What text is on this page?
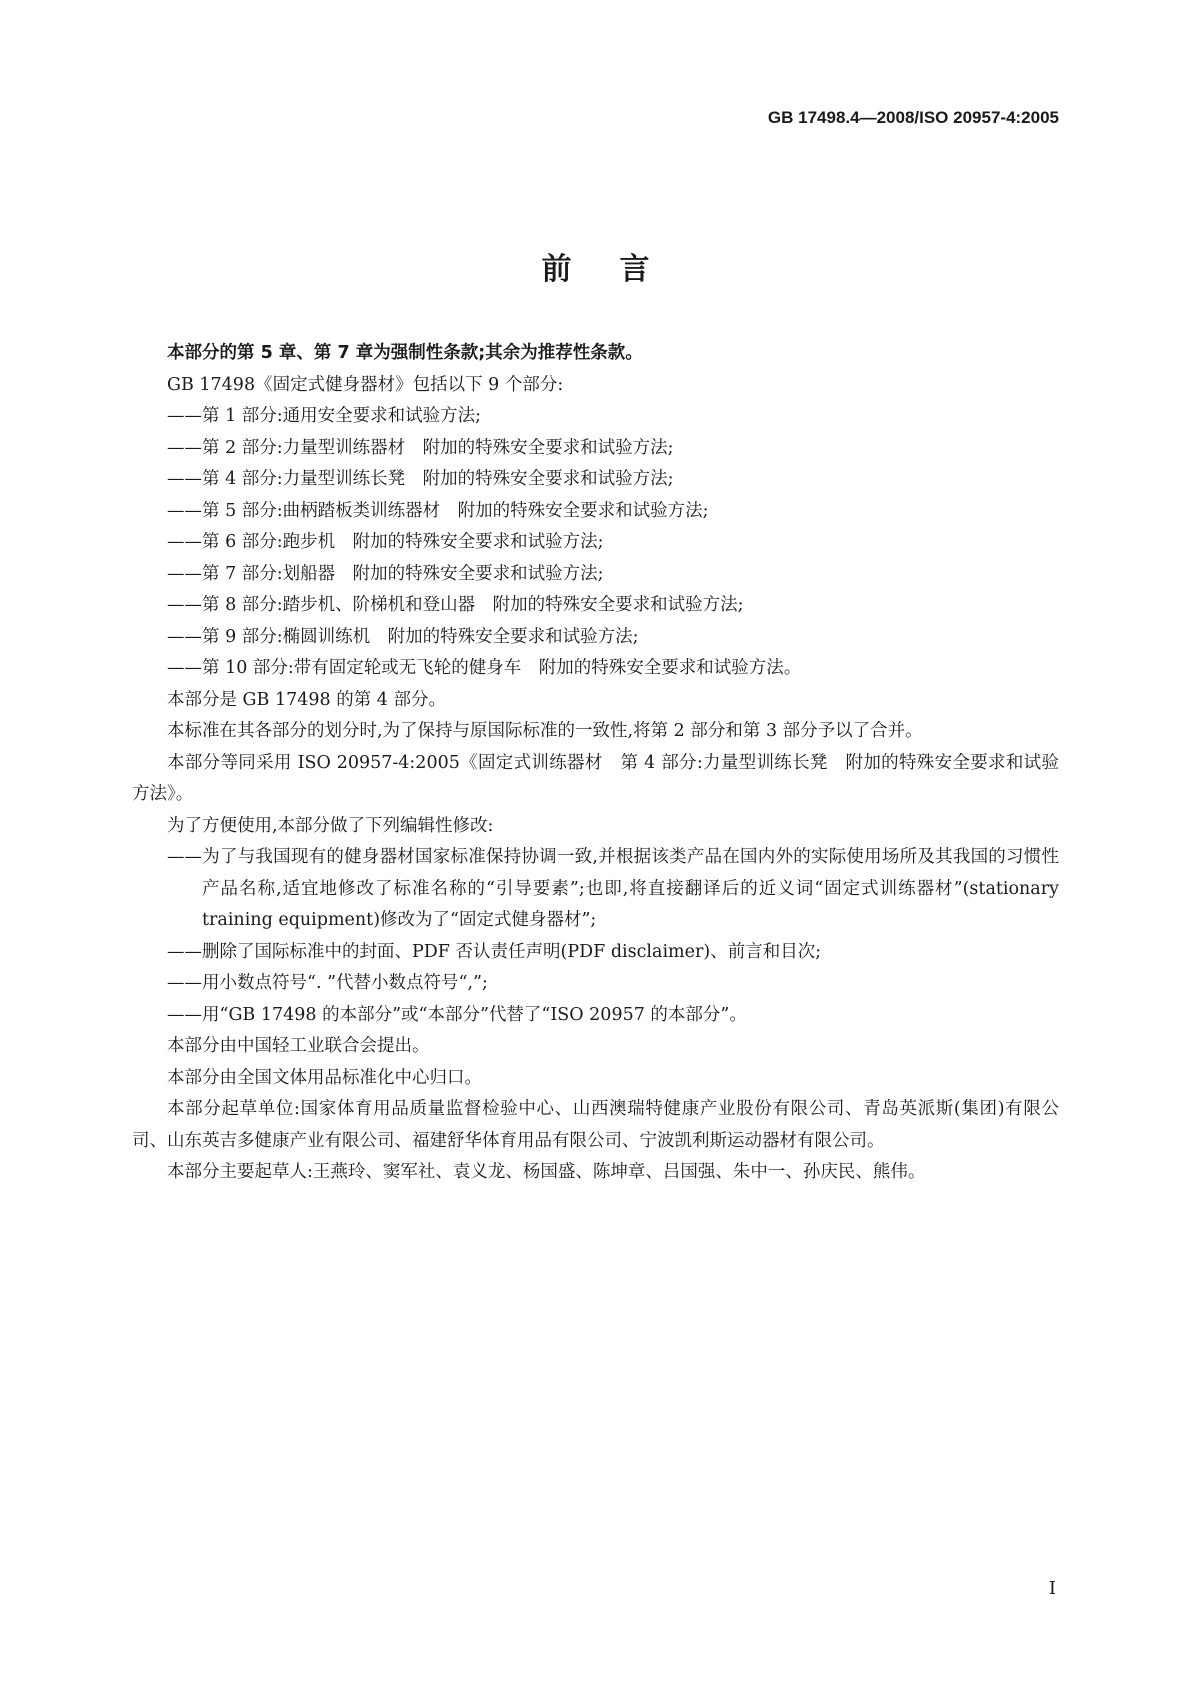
GB 17498.4—2008/ISO 20957-4:2005
前言

本部分的第 5 章、第 7 章为强制性条款;其余为推荐性条款。

GB 17498《固定式健身器材》包括以下 9 个部分:

——第 1 部分:通用安全要求和试验方法;

——第 2 部分:力量型训练器材　附加的特殊安全要求和试验方法;

——第 4 部分:力量型训练长凳　附加的特殊安全要求和试验方法;

——第 5 部分:曲柄踏板类训练器材　附加的特殊安全要求和试验方法;

——第 6 部分:跑步机　附加的特殊安全要求和试验方法;

——第 7 部分:划船器　附加的特殊安全要求和试验方法;

——第 8 部分:踏步机、阶梯机和登山器　附加的特殊安全要求和试验方法;

——第 9 部分:椭圆训练机　附加的特殊安全要求和试验方法;

——第 10 部分:带有固定轮或无飞轮的健身车　附加的特殊安全要求和试验方法。

本部分是 GB 17498 的第 4 部分。

本标准在其各部分的划分时,为了保持与原国际标准的一致性,将第 2 部分和第 3 部分予以了合并。

本部分等同采用 ISO 20957-4:2005《固定式训练器材　第 4 部分:力量型训练长凳　附加的特殊安全要求和试验方法》。

为了方便使用,本部分做了下列编辑性修改:

——为了与我国现有的健身器材国家标准保持协调一致,并根据该类产品在国内外的实际使用场所及其我国的习惯性产品名称,适宜地修改了标准名称的“引导要素”;也即,将直接翻译后的近义词“固定式训练器材”(stationary training equipment)修改为了“固定式健身器材”;

——删除了国际标准中的封面、PDF 否认责任声明(PDF disclaimer)、前言和目次;

——用小数点符号“. ”代替小数点符号“,”;

——用“GB 17498 的本部分”或“本部分”代替了“ISO 20957 的本部分”。

本部分由中国轻工业联合会提出。

本部分由全国文体用品标准化中心归口。

本部分起草单位:国家体育用品质量监督检验中心、山西澳瑞特健康产业股份有限公司、青岛英派斯(集团)有限公司、山东英吉多健康产业有限公司、福建舒华体育用品有限公司、宁波凯利斯运动器材有限公司。

本部分主要起草人:王燕玲、窦军社、袁义龙、杨国盛、陈坤章、吕国强、朱中一、孙庆民、熊伟。

I
